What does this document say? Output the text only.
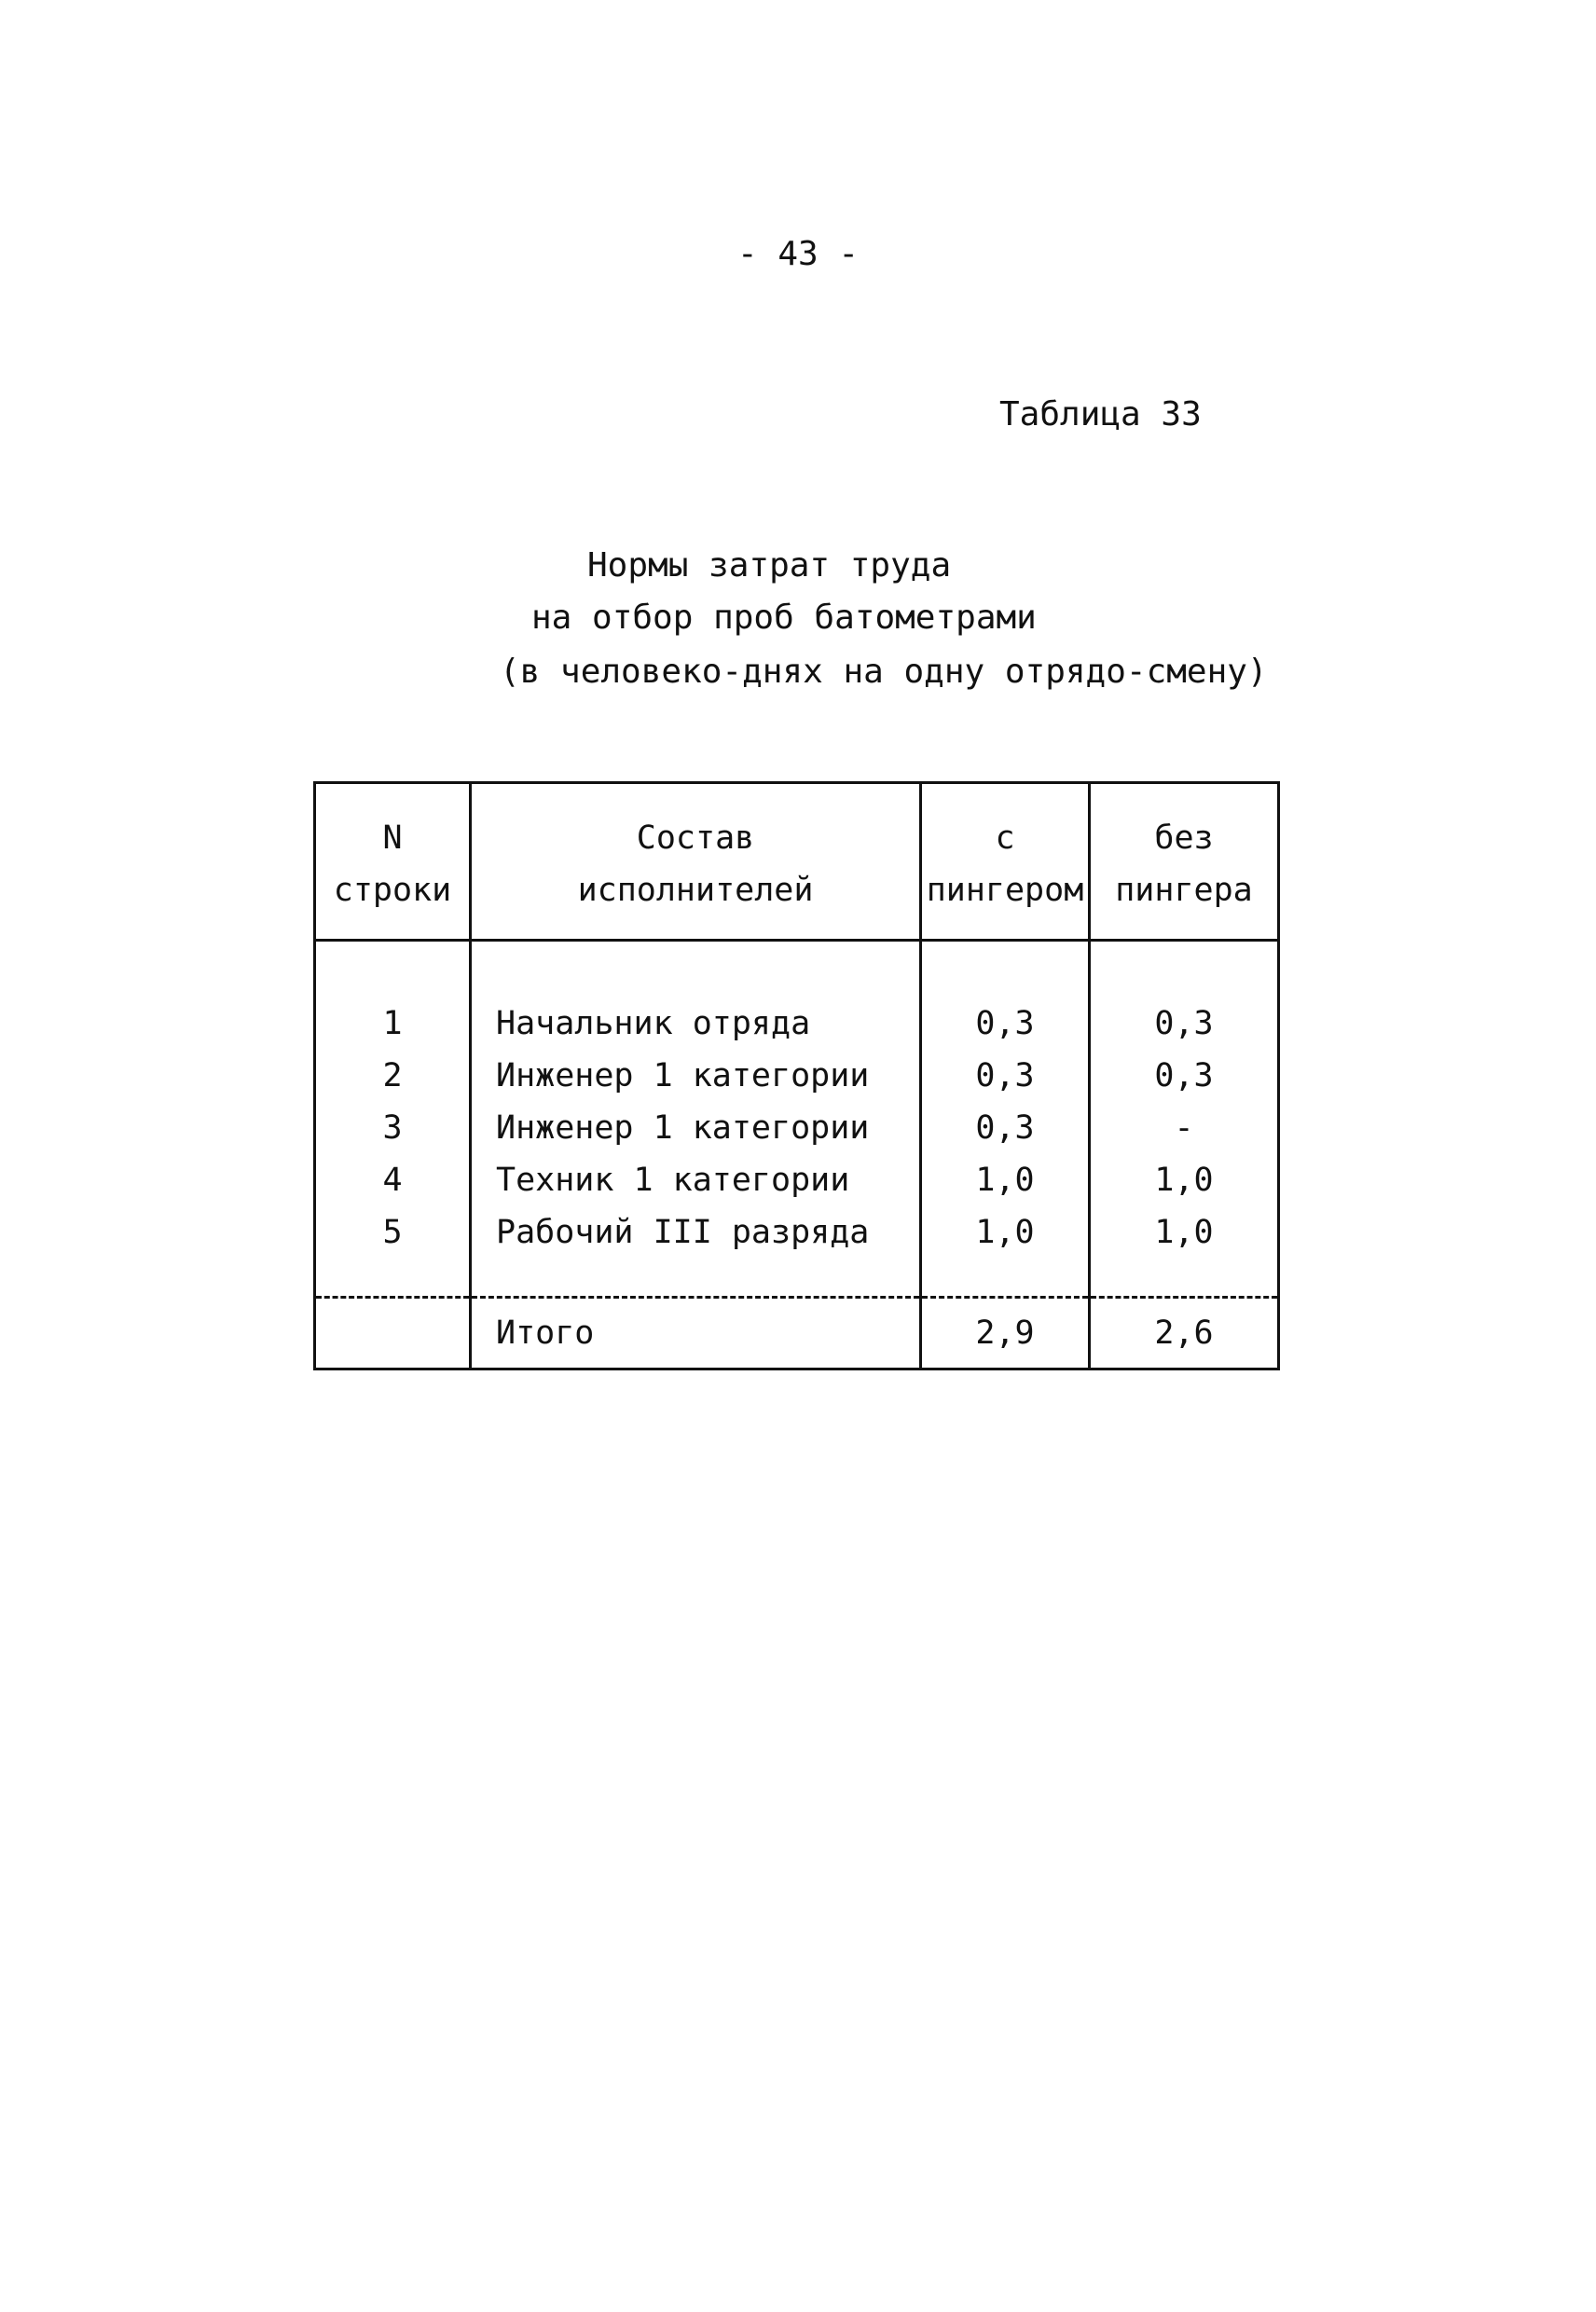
- 43 -
Таблица 33
Нормы затрат труда
на отбор проб батометрами
(в человеко-днях на одну отрядо-смену)
N	Состав	с	без
строки	исполнителей	пингером	пингера

1	Начальник отряда	0,3	0,3
2	Инженер 1 категории	0,3	0,3
3	Инженер 1 категории	0,3	-
4	Техник 1 категории	1,0	1,0
5	Рабочий III разряда	1,0	1,0

	Итого	2,9	2,6
